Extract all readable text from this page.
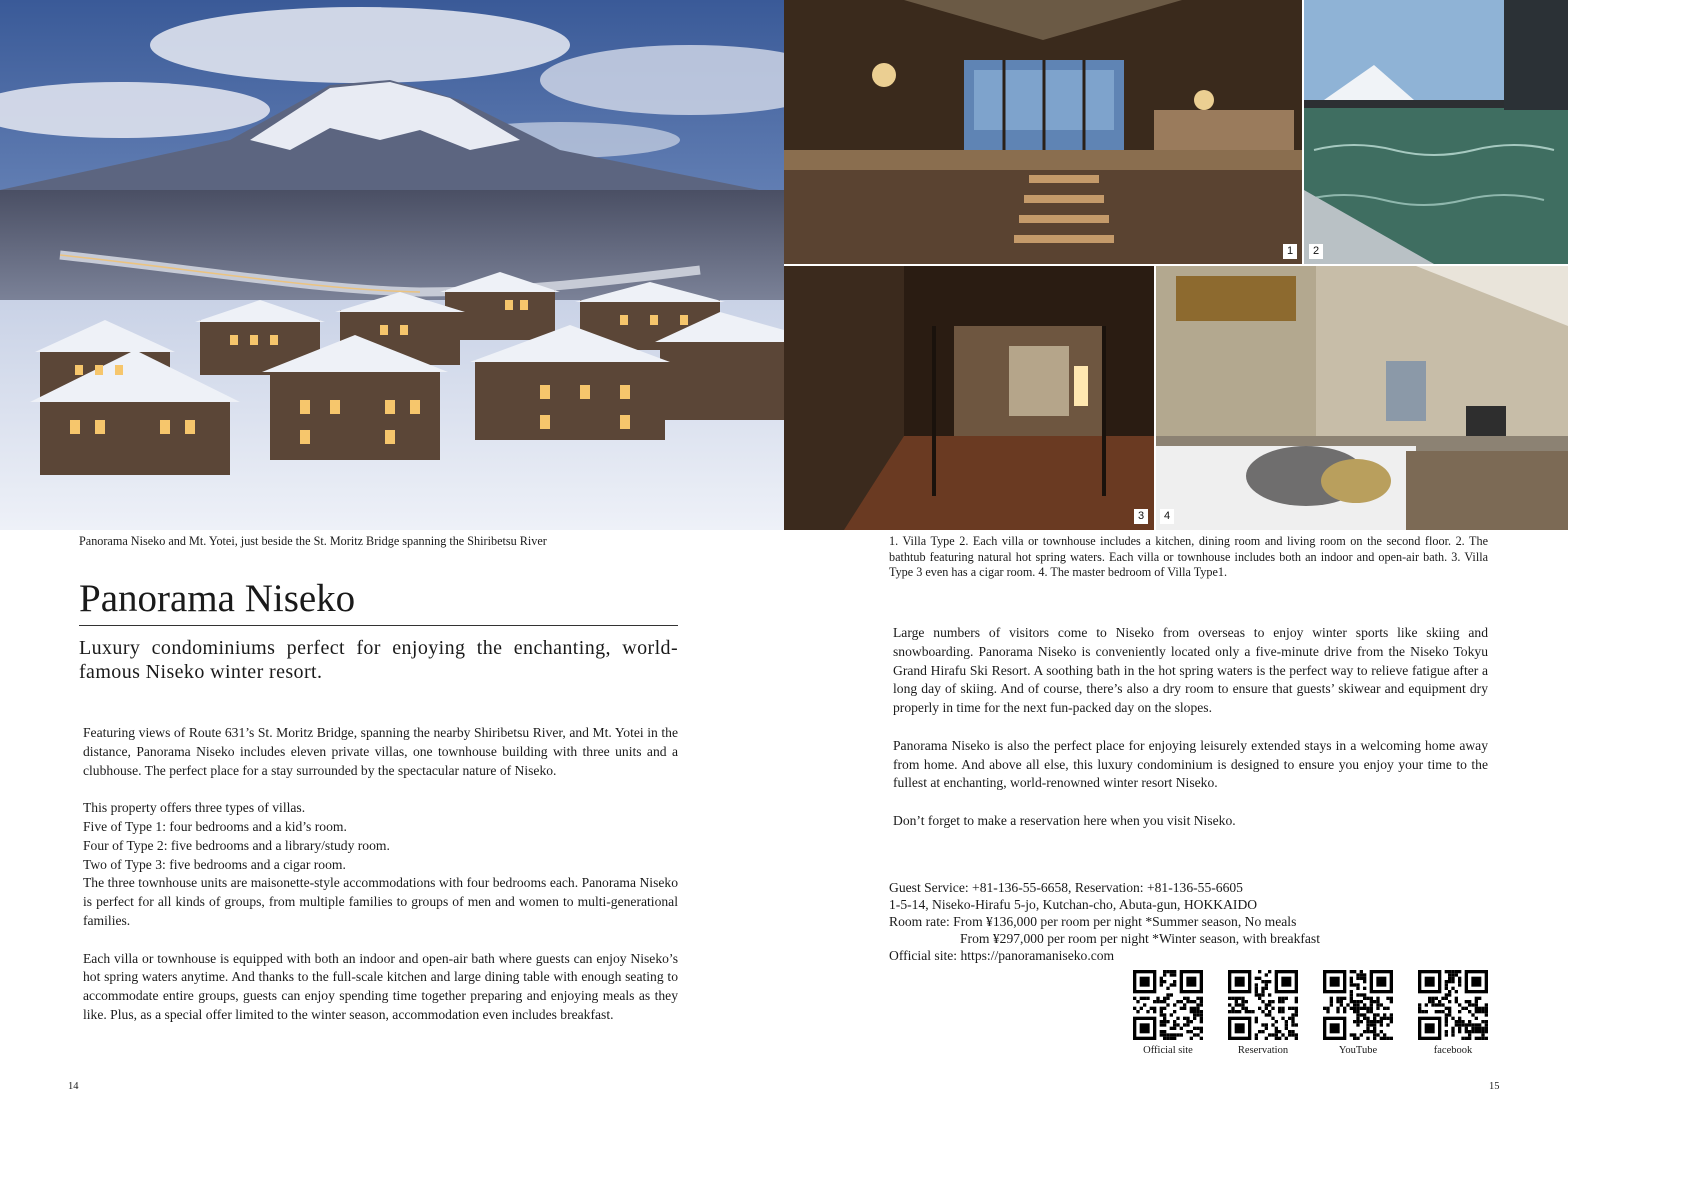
1	2
3	4
Panorama Niseko and Mt. Yotei, just beside the St. Moritz Bridge spanning the Shiribetsu River
Panorama Niseko
Luxury condominiums perfect for enjoying the enchanting, world-famous Niseko winter resort.

Featuring views of Route 631’s St. Moritz Bridge, spanning the nearby Shiribetsu River, and Mt. Yotei in the distance, Panorama Niseko includes eleven private villas, one townhouse building with three units and a clubhouse. The perfect place for a stay surrounded by the spectacular nature of Niseko.

This property offers three types of villas.

Five of Type 1: four bedrooms and a kid’s room.

Four of Type 2: five bedrooms and a library/study room.

Two of Type 3: five bedrooms and a cigar room.

The three townhouse units are maisonette-style accommodations with four bedrooms each. Panorama Niseko is perfect for all kinds of groups, from multiple families to groups of men and women to multi-generational families.

Each villa or townhouse is equipped with both an indoor and open-air bath where guests can enjoy Niseko’s hot spring waters anytime. And thanks to the full-scale kitchen and large dining table with enough seating to accommodate entire groups, guests can enjoy spending time together preparing and enjoying meals as they like. Plus, as a special offer limited to the winter season, accommodation even includes breakfast.

14
1. Villa Type 2. Each villa or townhouse includes a kitchen, dining room and living room on the second floor. 2. The bathtub featuring natural hot spring waters. Each villa or townhouse includes both an indoor and open-air bath. 3. Villa Type 3 even has a cigar room. 4. The master bedroom of Villa Type1.

Large numbers of visitors come to Niseko from overseas to enjoy winter sports like skiing and snowboarding. Panorama Niseko is conveniently located only a five-minute drive from the Niseko Tokyu Grand Hirafu Ski Resort. A soothing bath in the hot spring waters is the perfect way to relieve fatigue after a long day of skiing. And of course, there’s also a dry room to ensure that guests’ skiwear and equipment dry properly in time for the next fun-packed day on the slopes.

Panorama Niseko is also the perfect place for enjoying leisurely extended stays in a welcoming home away from home. And above all else, this luxury condominium is designed to ensure you enjoy your time to the fullest at enchanting, world-renowned winter resort Niseko.

Don’t forget to make a reservation here when you visit Niseko.

Guest Service: +81-136-55-6658, Reservation: +81-136-55-6605
1-5-14, Niseko-Hirafu 5-jo, Kutchan-cho, Abuta-gun, HOKKAIDO
Room rate: From ¥136,000 per room per night *Summer season, No meals
From ¥297,000 per room per night *Winter season, with breakfast
Official site: https://panoramaniseko.com
Official site	Reservation	YouTube	facebook
15
